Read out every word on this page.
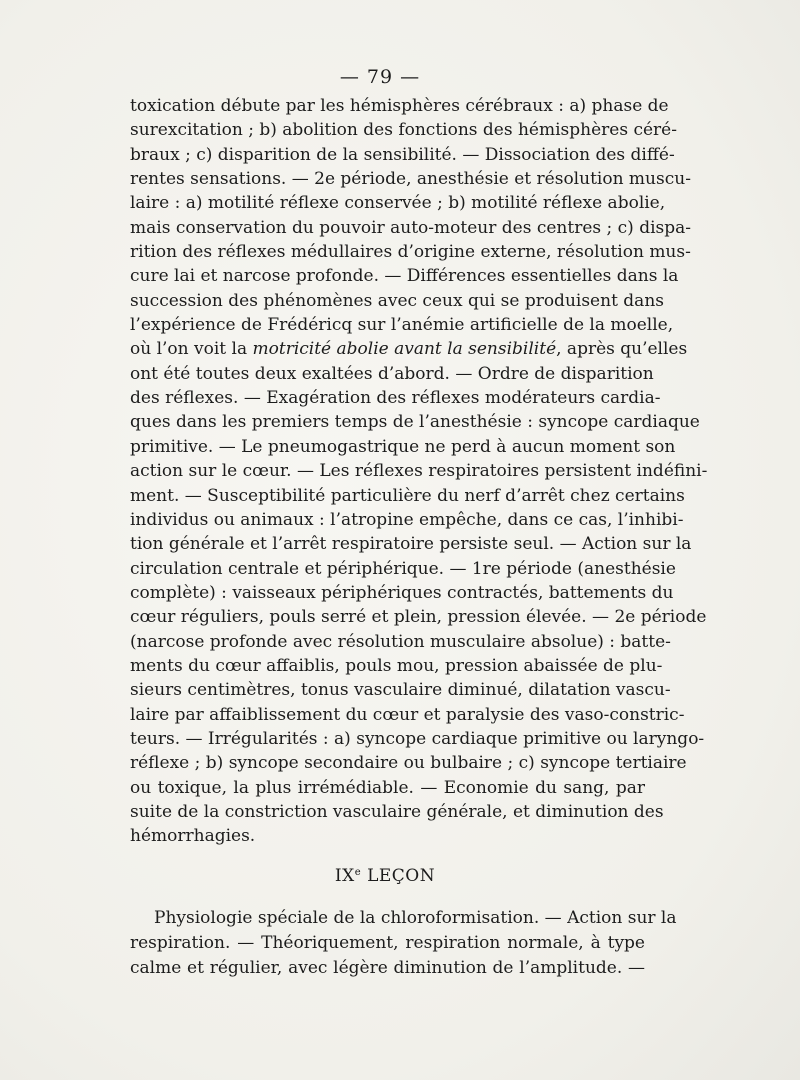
— 79 —
toxication débute par les hémisphères cérébraux : a) phase de
surexcitation ; b) abolition des fonctions des hémisphères céré-
braux ; c) disparition de la sensibilité. — Dissociation des diffé-
rentes sensations. — 2e période, anesthésie et résolution muscu-
laire : a) motilité réflexe conservée ; b) motilité réflexe abolie,
mais conservation du pouvoir auto-moteur des centres ; c) dispa-
rition des réflexes médullaires d’origine externe, résolution mus-
cure lai et narcose profonde. — Différences essentielles dans la
succession des phénomènes avec ceux qui se produisent dans
l’expérience de Frédéricq sur l’anémie artificielle de la moelle,
où l’on voit la motricité abolie avant la sensibilité, après qu’elles
ont été toutes deux exaltées d’abord. — Ordre de disparition
des réflexes. — Exagération des réflexes modérateurs cardia-
ques dans les premiers temps de l’anesthésie : syncope cardiaque
primitive. — Le pneumogastrique ne perd à aucun moment son
action sur le cœur. — Les réflexes respiratoires persistent indéfini-
ment. — Susceptibilité particulière du nerf d’arrêt chez certains
individus ou animaux : l’atropine empêche, dans ce cas, l’inhibi-
tion générale et l’arrêt respiratoire persiste seul. — Action sur la
circulation centrale et périphérique. — 1re période (anesthésie
complète) : vaisseaux périphériques contractés, battements du
cœur réguliers, pouls serré et plein, pression élevée. — 2e période
(narcose profonde avec résolution musculaire absolue) : batte-
ments du cœur affaiblis, pouls mou, pression abaissée de plu-
sieurs centimètres, tonus vasculaire diminué, dilatation vascu-
laire par affaiblissement du cœur et paralysie des vaso-constric-
teurs. — Irrégularités : a) syncope cardiaque primitive ou laryngo-
réflexe ; b) syncope secondaire ou bulbaire ; c) syncope tertiaire
ou toxique, la plus irrémédiable. — Economie du sang, par
suite de la constriction vasculaire générale, et diminution des
hémorrhagies.
IXe LEÇON
Physiologie spéciale de la chloroformisation. — Action sur la
respiration. — Théoriquement, respiration normale, à type
calme et régulier, avec légère diminution de l’amplitude. —
